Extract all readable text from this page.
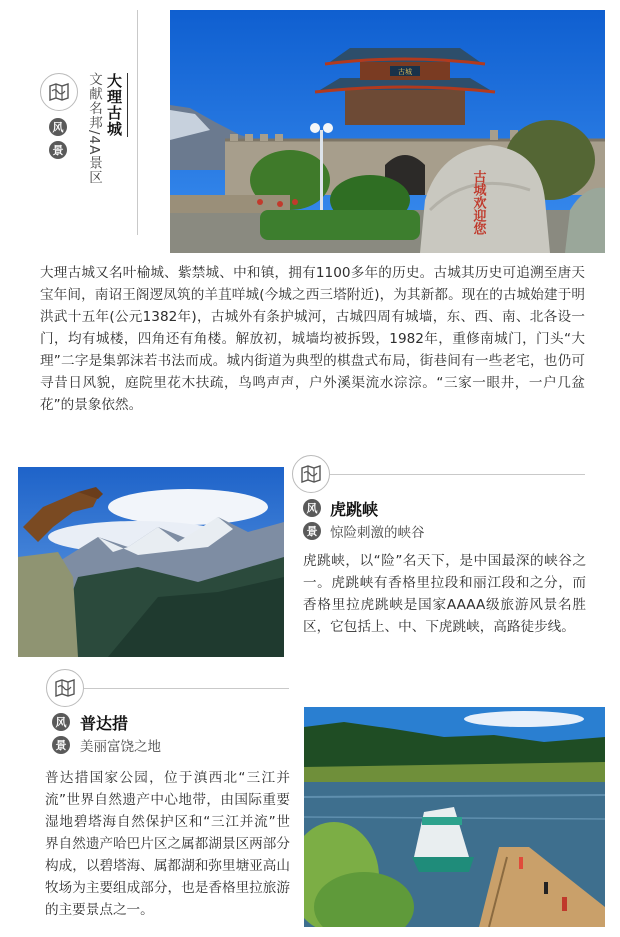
风
景 文献名邦/4A景区 大理古城
古城
古城欢迎您
大理古城又名叶榆城、紫禁城、中和镇，拥有1100多年的历史。古城其历史可追溯至唐天宝年间，南诏王阁逻凤筑的羊苴咩城(今城之西三塔附近)，为其新都。现在的古城始建于明洪武十五年(公元1382年)，古城外有条护城河，古城四周有城墙，东、西、南、北各设一门，均有城楼，四角还有角楼。解放初，城墙均被拆毁，1982年，重修南城门，门头“大理”二字是集郭沫若书法而成。城内街道为典型的棋盘式布局，街巷间有一些老宅，也仍可寻昔日风貌，庭院里花木扶疏，鸟鸣声声，户外溪渠流水淙淙。“三家一眼井，一户几盆花”的景象依然。
风 虎跳峡
景 惊险刺激的峡谷
虎跳峡，以“险”名天下，是中国最深的峡谷之一。虎跳峡有香格里拉段和丽江段和之分，而香格里拉虎跳峡是国家AAAA级旅游风景名胜区，它包括上、中、下虎跳峡，高路徒步线。
风 普达措
景 美丽富饶之地
普达措国家公园，位于滇西北“三江并流”世界自然遗产中心地带，由国际重要湿地碧塔海自然保护区和“三江并流”世界自然遗产哈巴片区之属都湖景区两部分构成，以碧塔海、属都湖和弥里塘亚高山牧场为主要组成部分，也是香格里拉旅游的主要景点之一。
